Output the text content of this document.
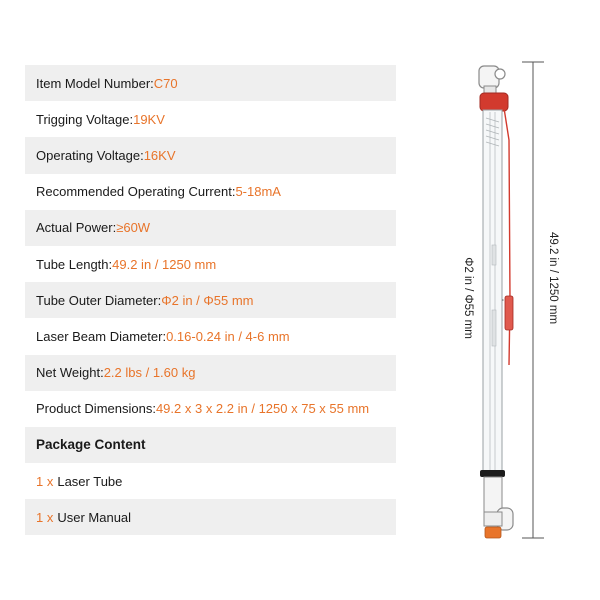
Item Model Number: C70
Trigging Voltage: 19KV
Operating Voltage: 16KV
Recommended Operating Current: 5-18mA
Actual Power: ≥60W
Tube Length: 49.2 in / 1250 mm
Tube Outer Diameter: Φ2 in / Φ55 mm
Laser Beam Diameter: 0.16-0.24 in / 4-6 mm
Net Weight: 2.2 lbs / 1.60 kg
Product Dimensions: 49.2 x 3 x 2.2 in / 1250 x 75 x 55 mm
Package Content
1 x Laser Tube
1 x User Manual
49.2 in / 1250 mm
Φ2 in / Φ55 mm
